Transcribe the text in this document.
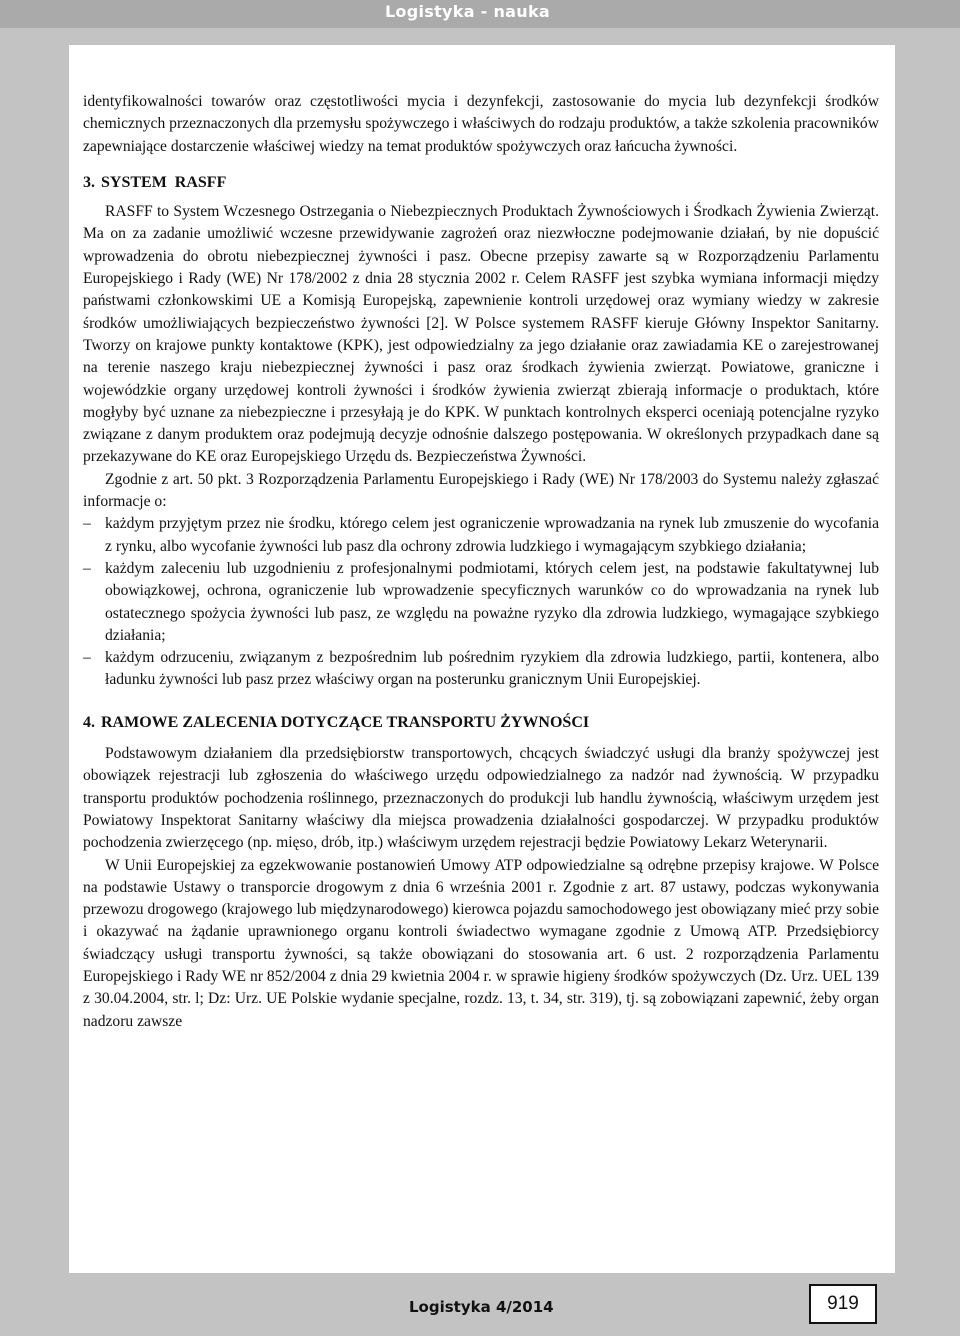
Logistyka - nauka

identyfikowalności towarów oraz częstotliwości mycia i dezynfekcji, zastosowanie do mycia lub dezynfekcji środków chemicznych przeznaczonych dla przemysłu spożywczego i właściwych do rodzaju produktów, a także szkolenia pracowników zapewniające dostarczenie właściwej wiedzy na temat produktów spożywczych oraz łańcucha żywności.

3. SYSTEM  RASFF

RASFF to System Wczesnego Ostrzegania o Niebezpiecznych Produktach Żywnościowych i Środkach Żywienia Zwierząt. Ma on za zadanie umożliwić wczesne przewidywanie zagrożeń oraz niezwłoczne podejmowanie działań, by nie dopuścić wprowadzenia do obrotu niebezpiecznej żywności i pasz. Obecne przepisy zawarte są w Rozporządzeniu Parlamentu Europejskiego i Rady (WE) Nr 178/2002 z dnia 28 stycznia 2002 r. Celem RASFF jest szybka wymiana informacji między państwami członkowskimi UE a Komisją Europejską, zapewnienie kontroli urzędowej oraz wymiany wiedzy w zakresie środków umożliwiających bezpieczeństwo żywności [2]. W Polsce systemem RASFF kieruje Główny Inspektor Sanitarny. Tworzy on krajowe punkty kontaktowe (KPK), jest odpowiedzialny za jego działanie oraz zawiadamia KE o zarejestrowanej na terenie naszego kraju niebezpiecznej żywności i pasz oraz środkach żywienia zwierząt. Powiatowe, graniczne i wojewódzkie organy urzędowej kontroli żywności i środków żywienia zwierząt zbierają informacje o produktach, które mogłyby być uznane za niebezpieczne i przesyłają je do KPK. W punktach kontrolnych eksperci oceniają potencjalne ryzyko związane z danym produktem oraz podejmują decyzje odnośnie dalszego postępowania. W określonych przypadkach dane są przekazywane do KE oraz Europejskiego Urzędu ds. Bezpieczeństwa Żywności.

Zgodnie z art. 50 pkt. 3 Rozporządzenia Parlamentu Europejskiego i Rady (WE) Nr 178/2003 do Systemu należy zgłaszać informacje o:

– każdym przyjętym przez nie środku, którego celem jest ograniczenie wprowadzania na rynek lub zmuszenie do wycofania z rynku, albo wycofanie żywności lub pasz dla ochrony zdrowia ludzkiego i wymagającym szybkiego działania;
– każdym zaleceniu lub uzgodnieniu z profesjonalnymi podmiotami, których celem jest, na podstawie fakultatywnej lub obowiązkowej, ochrona, ograniczenie lub wprowadzenie specyficznych warunków co do wprowadzania na rynek lub ostatecznego spożycia żywności lub pasz, ze względu na poważne ryzyko dla zdrowia ludzkiego, wymagające szybkiego działania;
– każdym odrzuceniu, związanym z bezpośrednim lub pośrednim ryzykiem dla zdrowia ludzkiego, partii, kontenera, albo ładunku żywności lub pasz przez właściwy organ na posterunku granicznym Unii Europejskiej.
4. RAMOWE ZALECENIA DOTYCZĄCE TRANSPORTU ŻYWNOŚCI

Podstawowym działaniem dla przedsiębiorstw transportowych, chcących świadczyć usługi dla branży spożywczej jest obowiązek rejestracji lub zgłoszenia do właściwego urzędu odpowiedzialnego za nadzór nad żywnością. W przypadku transportu produktów pochodzenia roślinnego, przeznaczonych do produkcji lub handlu żywnością, właściwym urzędem jest Powiatowy Inspektorat Sanitarny właściwy dla miejsca prowadzenia działalności gospodarczej. W przypadku produktów pochodzenia zwierzęcego (np. mięso, drób, itp.) właściwym urzędem rejestracji będzie Powiatowy Lekarz Weterynarii.

W Unii Europejskiej za egzekwowanie postanowień Umowy ATP odpowiedzialne są odrębne przepisy krajowe. W Polsce na podstawie Ustawy o transporcie drogowym z dnia 6 września 2001 r. Zgodnie z art. 87 ustawy, podczas wykonywania przewozu drogowego (krajowego lub międzynarodowego) kierowca pojazdu samochodowego jest obowiązany mieć przy sobie i okazywać na żądanie uprawnionego organu kontroli świadectwo wymagane zgodnie z Umową ATP. Przedsiębiorcy świadczący usługi transportu żywności, są także obowiązani do stosowania art. 6 ust. 2 rozporządzenia Parlamentu Europejskiego i Rady WE nr 852/2004 z dnia 29 kwietnia 2004 r. w sprawie higieny środków spożywczych (Dz. Urz. UEL 139 z 30.04.2004, str. l; Dz: Urz. UE Polskie wydanie specjalne, rozdz. 13, t. 34, str. 319), tj. są zobowiązani zapewnić, żeby organ nadzoru zawsze

Logistyka 4/2014	919
